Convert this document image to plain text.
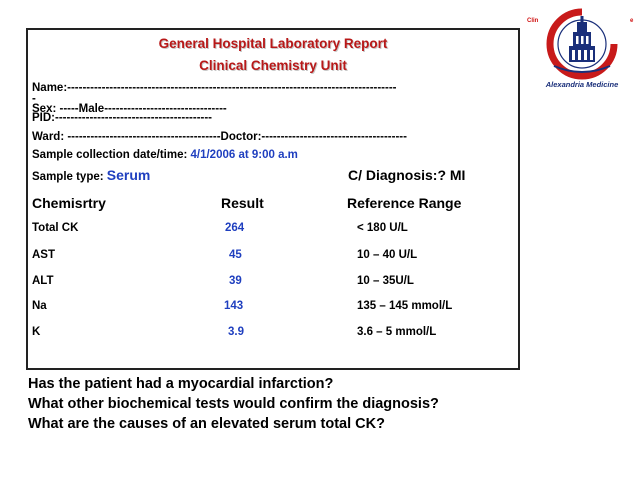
Clin	e
Alexandria Medicine
General Hospital Laboratory Report
Clinical Chemistry Unit
Name:--------------------------------------------------------------------------------------
-
Sex: -----Male--------------------------------
PID:-----------------------------------------
Ward: ----------------------------------------Doctor:--------------------------------------
Sample collection date/time: 4/1/2006 at 9:00 a.m
Sample type: Serum	C/ Diagnosis:? MI
Chemisrtry	Result	Reference Range
Total CK	264	< 180 U/L
AST	45	10 – 40 U/L
ALT	39	10 – 35U/L
Na	143	135 – 145 mmol/L
K	3.9	3.6 – 5 mmol/L
Has the patient had a myocardial infarction?
What other biochemical tests would confirm the diagnosis?
What are the causes of an elevated serum total CK?
